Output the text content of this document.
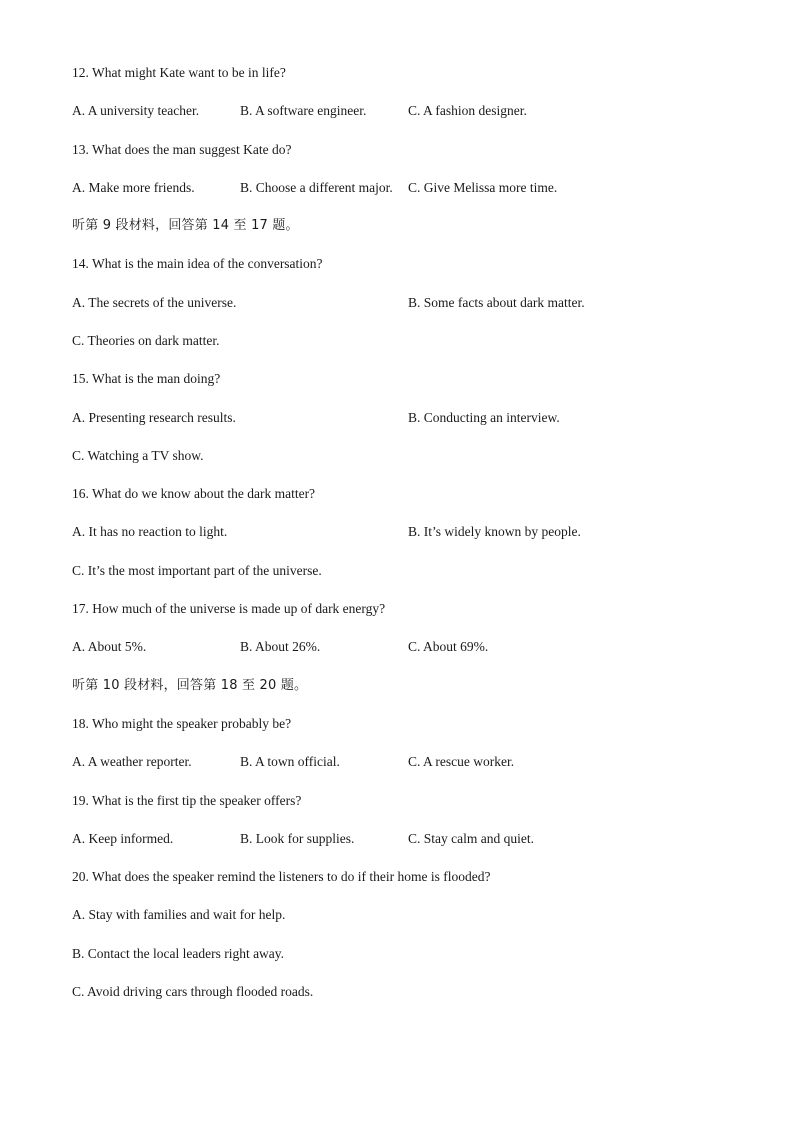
12. What might Kate want to be in life?
A. A university teacher.	B. A software engineer.	C. A fashion designer.
13. What does the man suggest Kate do?
A. Make more friends.	B. Choose a different major. C. Give Melissa more time.
听第 9 段材料，回答第 14 至 17 题。
14. What is the main idea of the conversation?
A. The secrets of the universe.	B. Some facts about dark matter.
C. Theories on dark matter.
15. What is the man doing?
A. Presenting research results.	B. Conducting an interview.
C. Watching a TV show.
16. What do we know about the dark matter?
A. It has no reaction to light.	B. It’s widely known by people.
C. It’s the most important part of the universe.
17. How much of the universe is made up of dark energy?
A. About 5%.	B. About 26%.	C. About 69%.
听第 10 段材料，回答第 18 至 20 题。
18. Who might the speaker probably be?
A. A weather reporter.	B. A town official.	C. A rescue worker.
19. What is the first tip the speaker offers?
A. Keep informed.	B. Look for supplies.	C. Stay calm and quiet.
20. What does the speaker remind the listeners to do if their home is flooded?
A. Stay with families and wait for help.
B. Contact the local leaders right away.
C. Avoid driving cars through flooded roads.
